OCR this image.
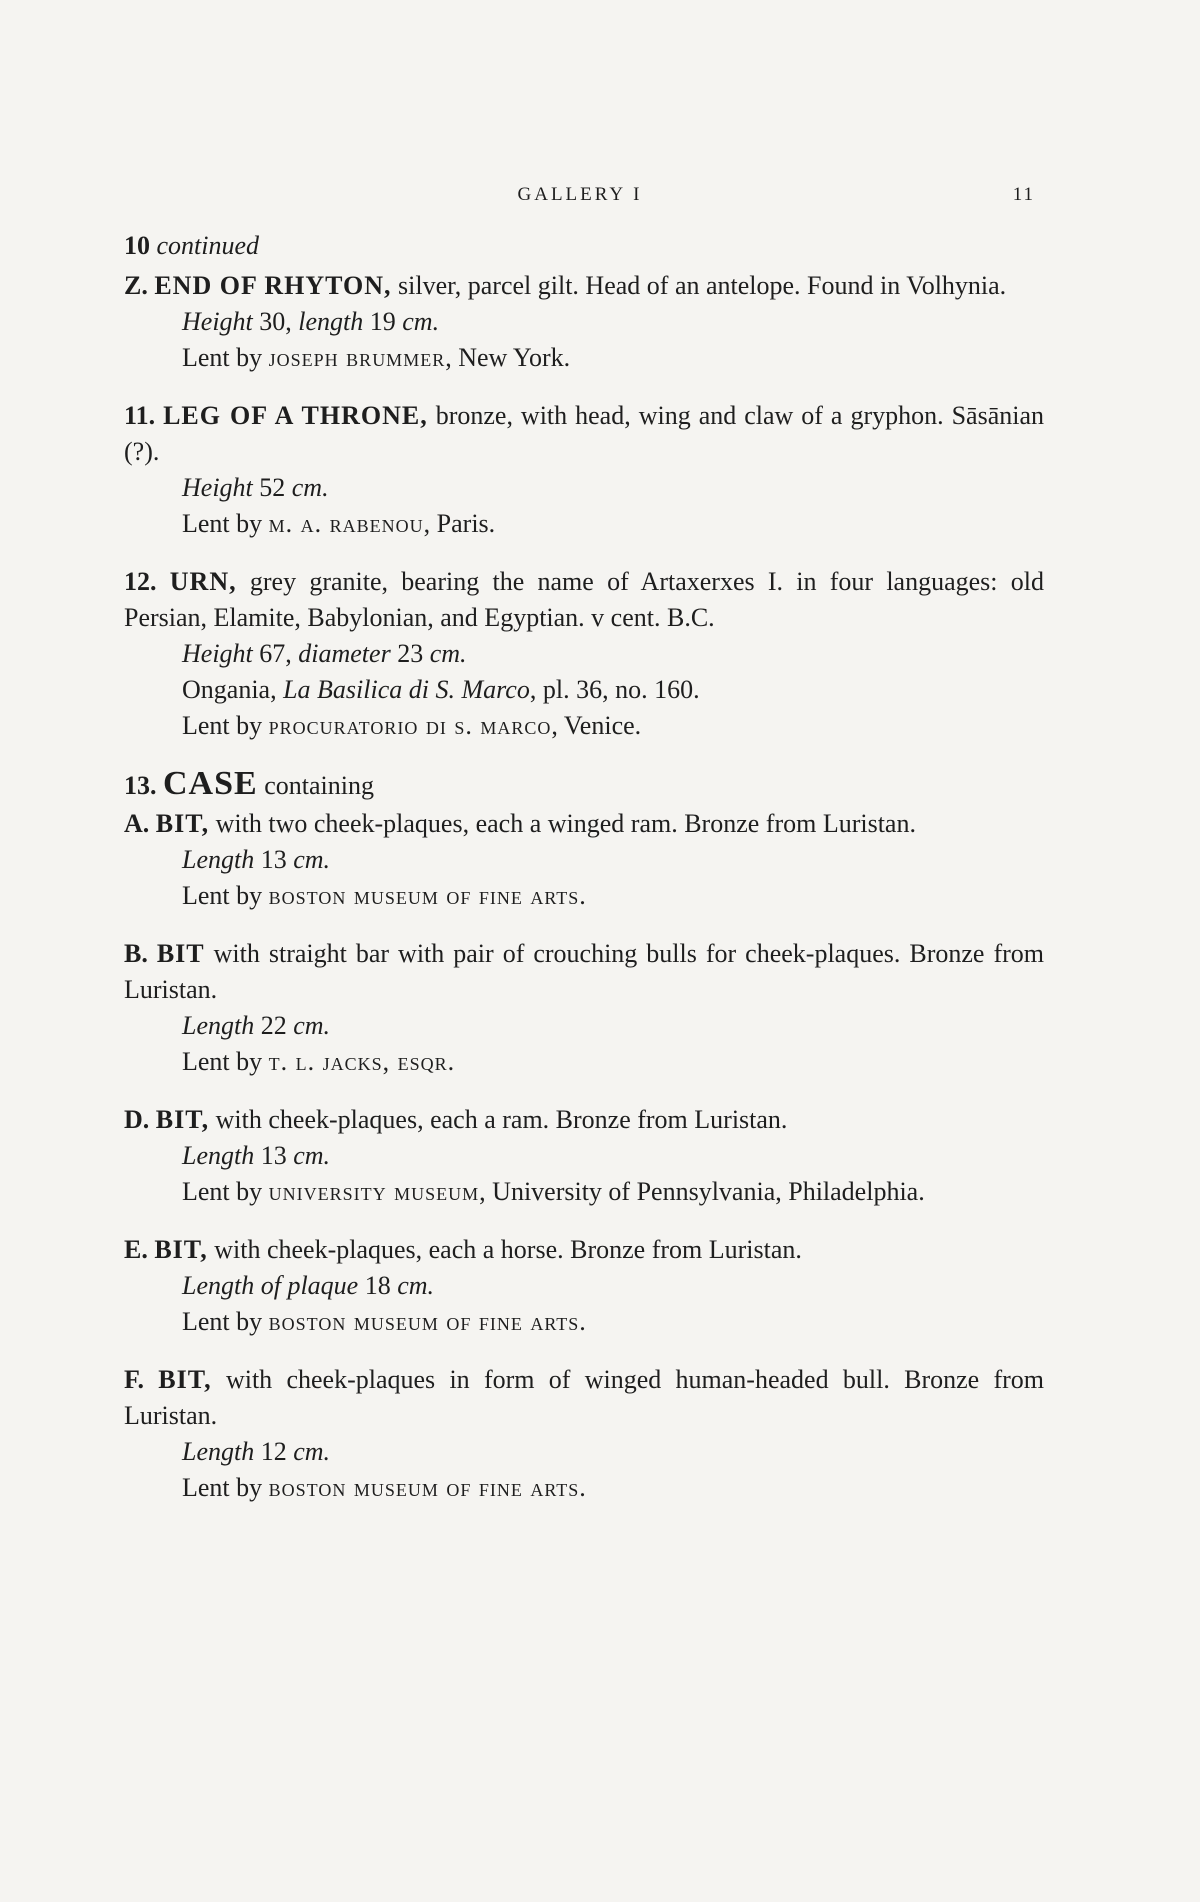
GALLERY I	11
10 continued

Z. END OF RHYTON, silver, parcel gilt. Head of an antelope. Found in Volhynia.

Height 30, length 19 cm.

Lent by joseph brummer, New York.

11. LEG OF A THRONE, bronze, with head, wing and claw of a gryphon. Sāsānian (?).

Height 52 cm.

Lent by m. a. rabenou, Paris.

12. URN, grey granite, bearing the name of Artaxerxes I. in four languages: old Persian, Elamite, Babylonian, and Egyptian. v cent. B.C.

Height 67, diameter 23 cm.

Ongania, La Basilica di S. Marco, pl. 36, no. 160.

Lent by procuratorio di s. marco, Venice.

13. CASE containing

A. BIT, with two cheek-plaques, each a winged ram. Bronze from Luristan.

Length 13 cm.

Lent by boston museum of fine arts.

B. BIT with straight bar with pair of crouching bulls for cheek-plaques. Bronze from Luristan.

Length 22 cm.

Lent by t. l. jacks, esqr.

D. BIT, with cheek-plaques, each a ram. Bronze from Luristan.

Length 13 cm.

Lent by university museum, University of Pennsylvania, Philadelphia.

E. BIT, with cheek-plaques, each a horse. Bronze from Luristan.

Length of plaque 18 cm.

Lent by boston museum of fine arts.

F. BIT, with cheek-plaques in form of winged human-headed bull. Bronze from Luristan.

Length 12 cm.

Lent by boston museum of fine arts.
